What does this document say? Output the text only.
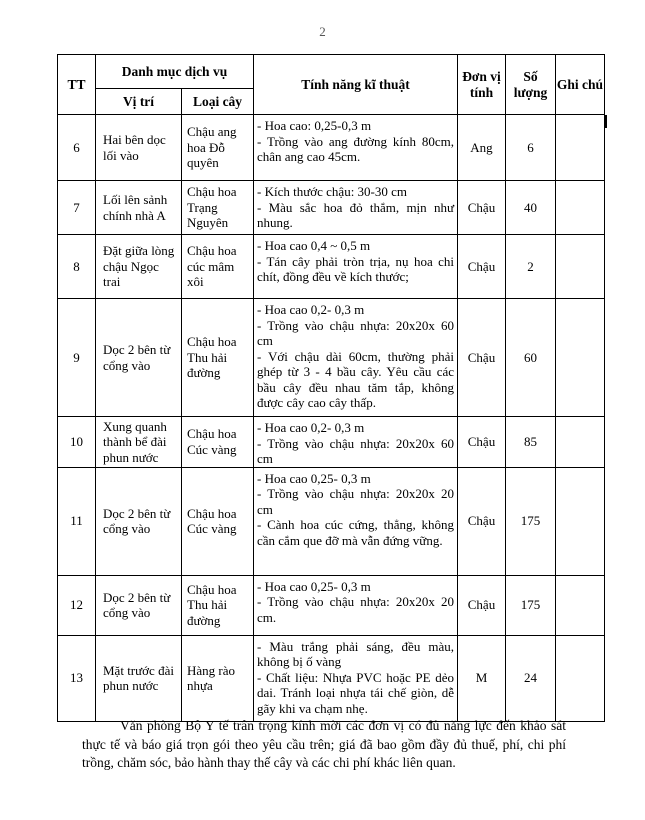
2
TT	Danh mục dịch vụ		Tính năng kĩ thuật	Đơn vị tính	Số lượng	Ghi chú
	Vị trí	Loại cây				
6	Hai bên dọc lối vào	Chậu ang hoa Đỗ quyên	- Hoa cao: 0,25-0,3 m
- Trồng vào ang đường kính 80cm, chân ang cao 45cm.	Ang	6	
7	Lối lên sảnh chính nhà A	Chậu hoa Trạng Nguyên	- Kích thước chậu: 30-30 cm
- Màu sắc hoa đỏ thắm, mịn như nhung.	Chậu	40	
8	Đặt giữa lòng chậu Ngọc trai	Chậu hoa cúc mâm xôi	- Hoa cao 0,4 ~ 0,5 m
- Tán cây phải tròn trịa, nụ hoa chi chít, đồng đều về kích thước;	Chậu	2	
9	Dọc 2 bên từ cổng vào	Chậu hoa Thu hải đường	- Hoa cao 0,2- 0,3 m
- Trồng vào chậu nhựa: 20x20x 60 cm
- Với chậu dài 60cm, thường phải ghép từ 3 - 4 bầu cây. Yêu cầu các bầu cây đều nhau tăm tắp, không được cây cao cây thấp.	Chậu	60	
10	Xung quanh thành bể đài phun nước	Chậu hoa Cúc vàng	- Hoa cao 0,2- 0,3 m
- Trồng vào chậu nhựa: 20x20x 60 cm	Chậu	85	
11	Dọc 2 bên từ cổng vào	Chậu hoa Cúc vàng	- Hoa cao 0,25- 0,3 m
- Trồng vào chậu nhựa: 20x20x 20 cm
- Cành hoa cúc cứng, thẳng, không cần cắm que đỡ mà vẫn đứng vững.	Chậu	175	
12	Dọc 2 bên từ cổng vào	Chậu hoa Thu hải đường	- Hoa cao 0,25- 0,3 m
- Trồng vào chậu nhựa: 20x20x 20 cm.	Chậu	175	
13	Mặt trước đài phun nước	Hàng rào nhựa	- Màu trắng phải sáng, đều màu, không bị ố vàng
- Chất liệu: Nhựa PVC hoặc PE dẻo dai. Tránh loại nhựa tái chế giòn, dễ gãy khi va chạm nhẹ.	M	24	

Văn phòng Bộ Y tế trân trọng kính mời các đơn vị có đủ năng lực đến khảo sát thực tế và báo giá trọn gói theo yêu cầu trên; giá đã bao gồm đầy đủ thuế, phí, chi phí trồng, chăm sóc, bảo hành thay thế cây và các chi phí khác liên quan.
